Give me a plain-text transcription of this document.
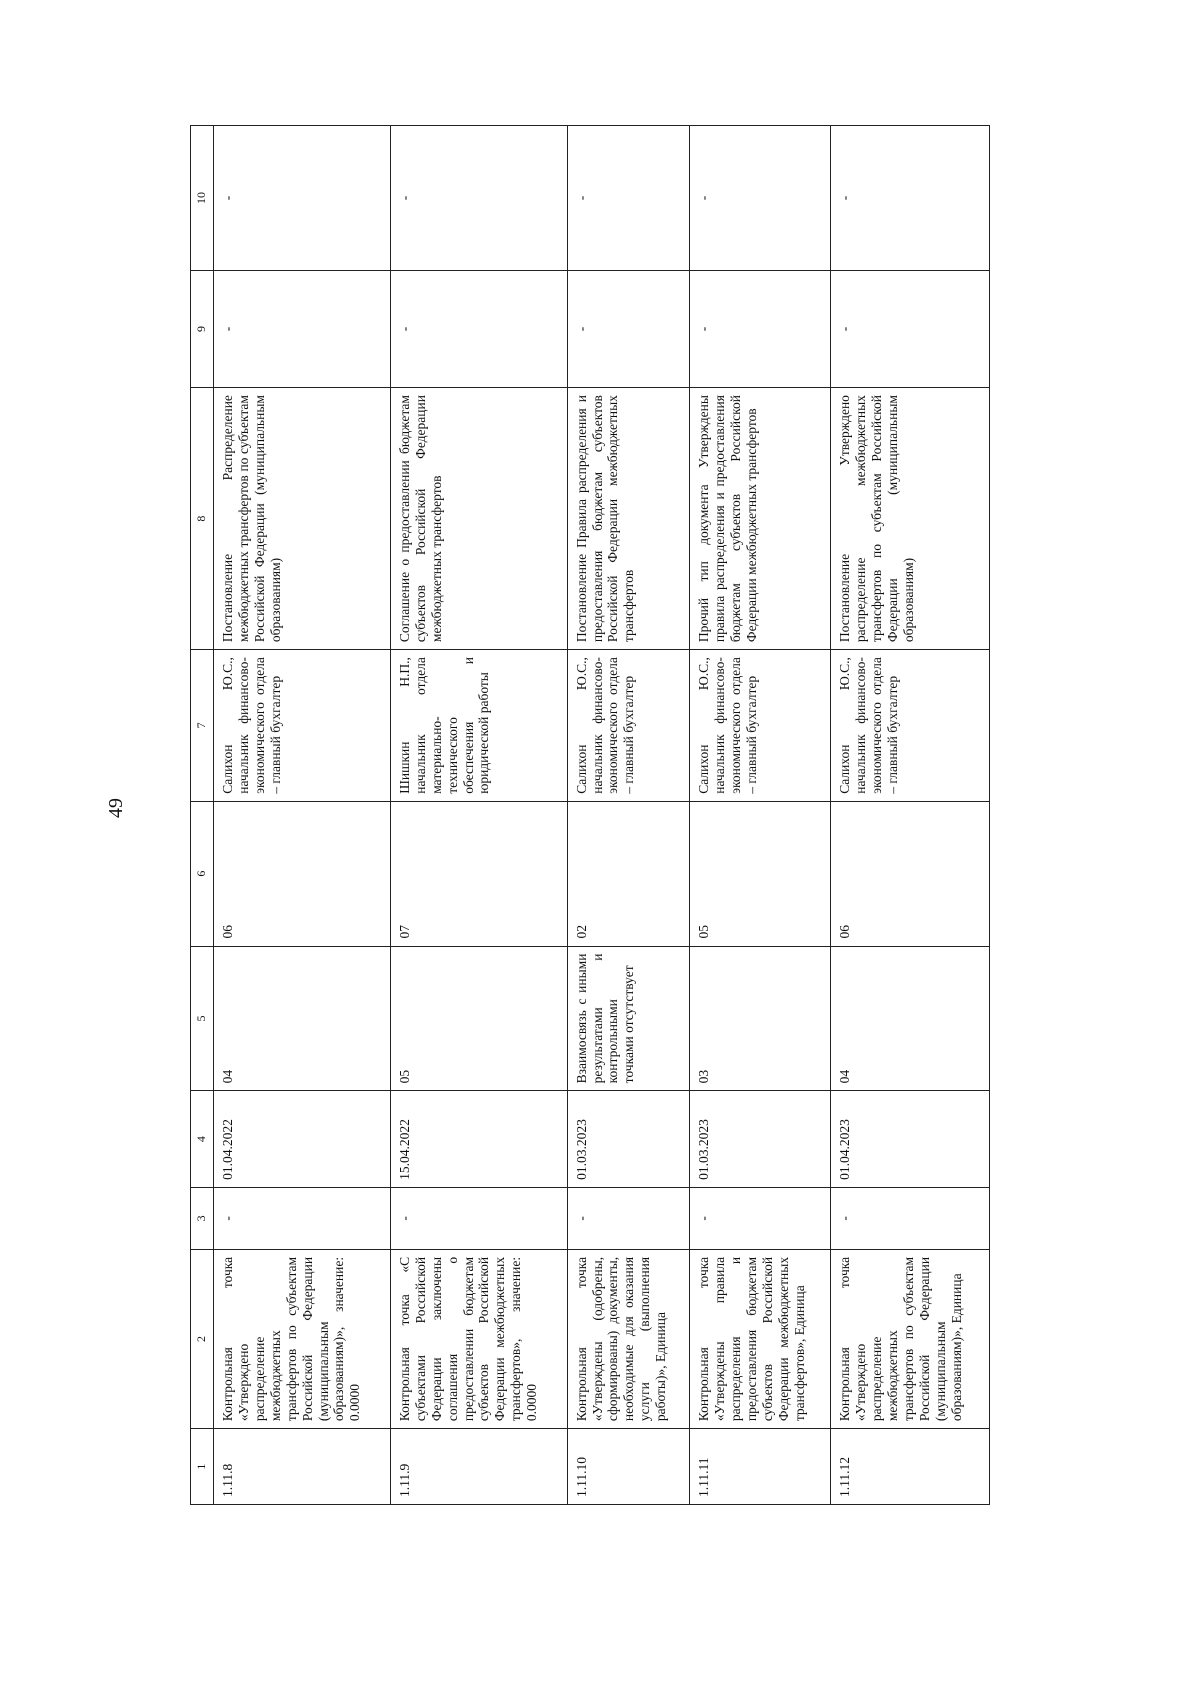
49
1	2	3	4	5	6	7	8	9	10
1.11.8	Контрольная точка «Утверждено распределение межбюджетных трансфертов по субъектам Российской Федерации (муниципальным образованиям)», значение: 0.0000	-	01.04.2022	04	06	Салихон Ю.С., начальник финансово-экономического отдела – главный бухгалтер	Постановление Распределение межбюджетных трансфертов по субъектам Российской Федерации (муниципальным образованиям)	-	-
1.11.9	Контрольная точка «С субъектами Российской Федерации заключены соглашения о предоставлении бюджетам субъектов Российской Федерации межбюджетных трансфертов», значение: 0.0000	-	15.04.2022	05	07	Шишкин Н.П., начальник отдела материально-технического обеспечения и юридической работы	Соглашение о предоставлении бюджетам субъектов Российской Федерации межбюджетных трансфертов	-	-
1.11.10	Контрольная точка «Утверждены (одобрены, сформированы) документы, необходимые для оказания услуги (выполнения работы)», Единица	-	01.03.2023	Взаимосвязь с иными результатами и контрольными точками отсутствует	02	Салихон Ю.С., начальник финансово-экономического отдела – главный бухгалтер	Постановление Правила распределения и предоставления бюджетам субъектов Российской Федерации межбюджетных трансфертов	-	-
1.11.11	Контрольная точка «Утверждены правила распределения и предоставления бюджетам субъектов Российской Федерации межбюджетных трансфертов», Единица	-	01.03.2023	03	05	Салихон Ю.С., начальник финансово-экономического отдела – главный бухгалтер	Прочий тип документа Утверждены правила распределения и предоставления бюджетам субъектов Российской Федерации межбюджетных трансфертов	-	-
1.11.12	Контрольная точка «Утверждено распределение межбюджетных трансфертов по субъектам Российской Федерации (муниципальным образованиям)», Единица	-	01.04.2023	04	06	Салихон Ю.С., начальник финансово-экономического отдела – главный бухгалтер	Постановление Утверждено распределение межбюджетных трансфертов по субъектам Российской Федерации (муниципальным образованиям)	-	-
